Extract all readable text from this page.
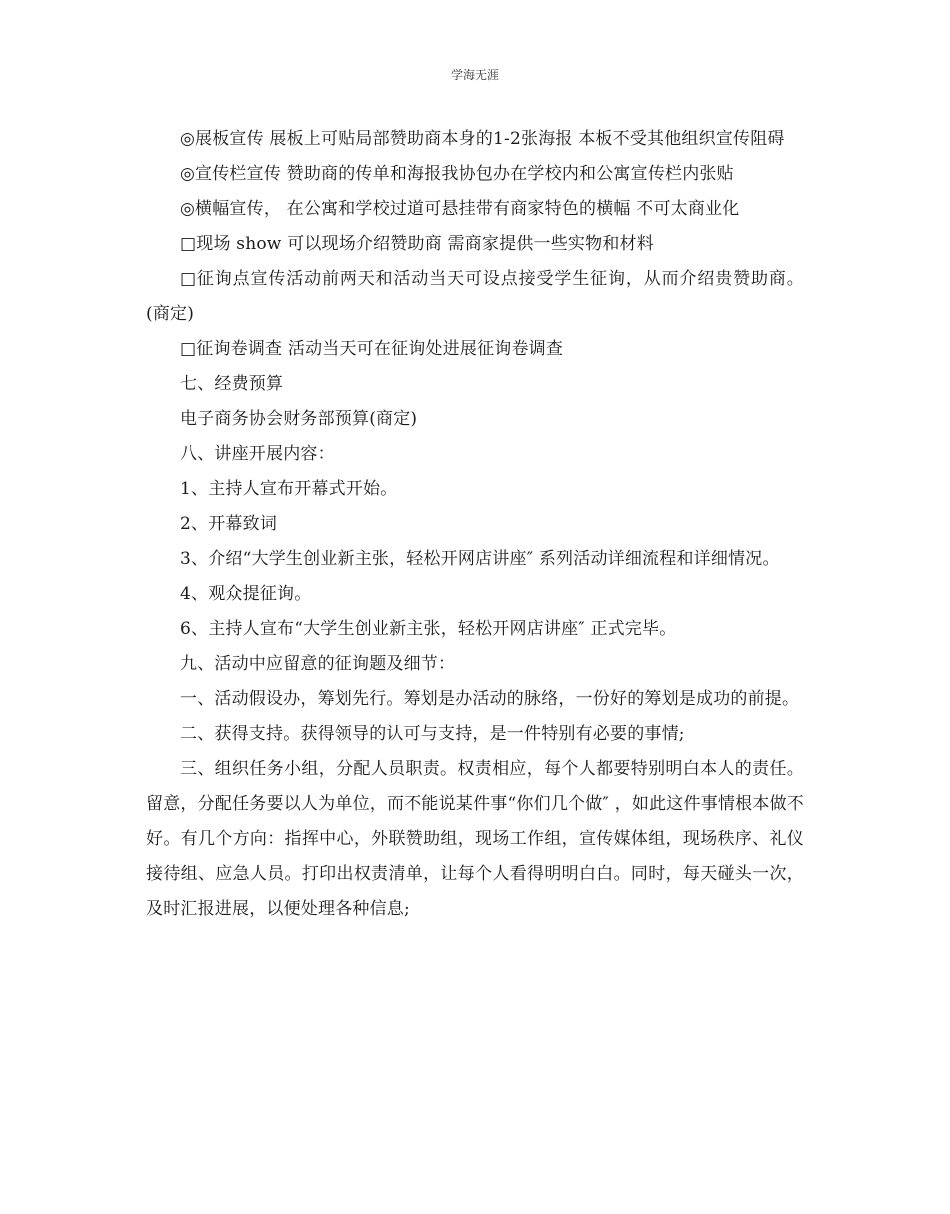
学海无涯

◎展板宣传 展板上可贴局部赞助商本身的1-2张海报 本板不受其他组织宣传阻碍

◎宣传栏宣传 赞助商的传单和海报我协包办在学校内和公寓宣传栏内张贴

◎横幅宣传， 在公寓和学校过道可悬挂带有商家特色的横幅 不可太商业化

□现场 show 可以现场介绍赞助商 需商家提供一些实物和材料

□征询点宣传活动前两天和活动当天可设点接受学生征询，从而介绍贵赞助商。(商定)

□征询卷调查 活动当天可在征询处进展征询卷调查

七、经费预算

电子商务协会财务部预算(商定)

八、讲座开展内容：

1、主持人宣布开幕式开始。

2、开幕致词

3、介绍“大学生创业新主张，轻松开网店讲座″ 系列活动详细流程和详细情况。

4、观众提征询。

6、主持人宣布“大学生创业新主张，轻松开网店讲座″ 正式完毕。

九、活动中应留意的征询题及细节：

一、活动假设办，筹划先行。筹划是办活动的脉络，一份好的筹划是成功的前提。

二、获得支持。获得领导的认可与支持，是一件特别有必要的事情;

三、组织任务小组，分配人员职责。权责相应，每个人都要特别明白本人的责任。留意，分配任务要以人为单位，而不能说某件事“你们几个做″ ，如此这件事情根本做不好。有几个方向：指挥中心，外联赞助组，现场工作组，宣传媒体组，现场秩序、礼仪接待组、应急人员。打印出权责清单，让每个人看得明明白白。同时，每天碰头一次，及时汇报进展，以便处理各种信息;
